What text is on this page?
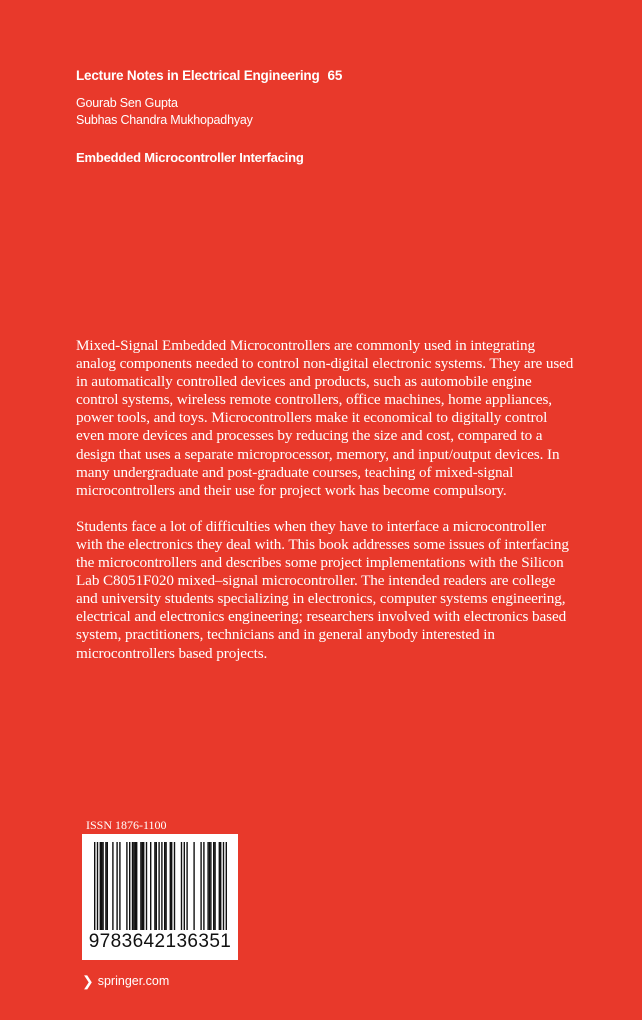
Lecture Notes in Electrical Engineering 65
Gourab Sen Gupta
Subhas Chandra Mukhopadhyay
Embedded Microcontroller Interfacing

Mixed-Signal Embedded Microcontrollers are commonly used in integrating analog components needed to control non-digital electronic systems. They are used in automatically controlled devices and products, such as automobile engine control systems, wireless remote controllers, office machines, home appliances, power tools, and toys. Microcontrollers make it economical to digitally control even more devices and processes by reducing the size and cost, compared to a design that uses a separate microprocessor, memory, and input/output devices. In many undergraduate and post-graduate courses, teaching of mixed-signal microcontrollers and their use for project work has become compulsory.

Students face a lot of difficulties when they have to interface a microcontroller with the electronics they deal with. This book addresses some issues of interfacing the microcontrollers and describes some project implementations with the Silicon Lab C8051F020 mixed–signal microcontroller. The intended readers are college and university students specializing in electronics, computer systems engineering, electrical and electronics engineering; researchers involved with electronics based system, practitioners, technicians and in general anybody interested in microcontrollers based projects.

ISSN 1876-1100
9783642136351
❯ springer.com
